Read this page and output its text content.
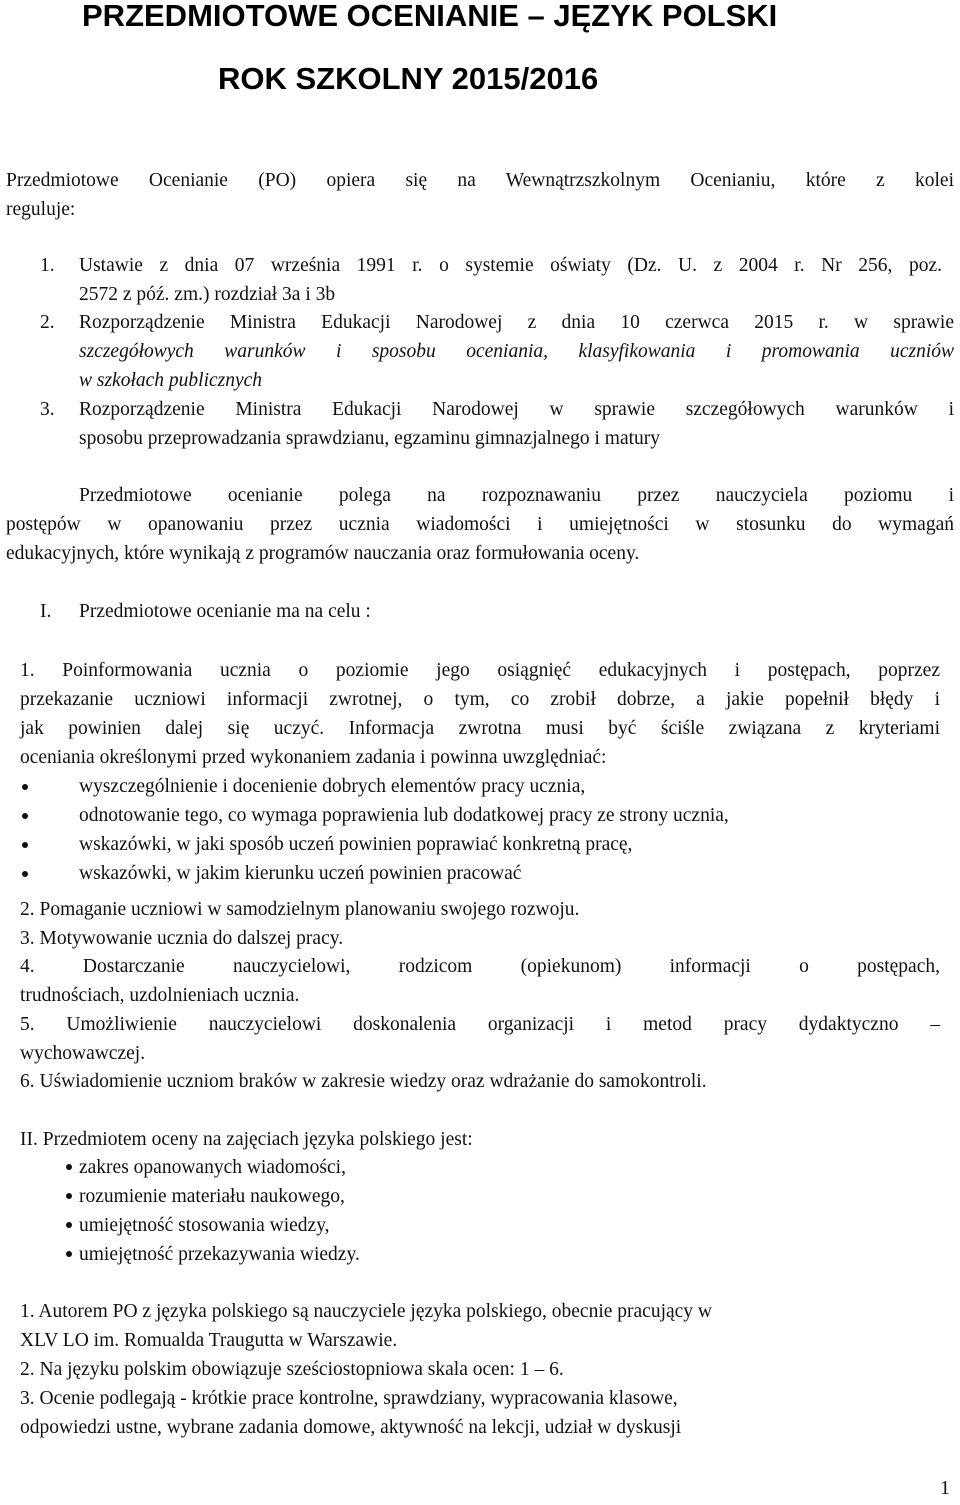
PRZEDMIOTOWE OCENIANIE – JĘZYK POLSKI
ROK SZKOLNY 2015/2016
Przedmiotowe Ocenianie (PO) opiera się na Wewnątrzszkolnym Ocenianiu, które z kolei
reguluje:
1. Ustawie z dnia 07 września 1991 r. o systemie oświaty (Dz. U. z 2004 r. Nr 256, poz.
2572 z póź. zm.) rozdział 3a i 3b
2. Rozporządzenie Ministra Edukacji Narodowej z dnia 10 czerwca 2015 r. w sprawie
szczegółowych warunków i sposobu oceniania, klasyfikowania i promowania uczniów
w szkołach publicznych
3. Rozporządzenie Ministra Edukacji Narodowej w sprawie szczegółowych warunków i
sposobu przeprowadzania sprawdzianu, egzaminu gimnazjalnego i matury
Przedmiotowe ocenianie polega na rozpoznawaniu przez nauczyciela poziomu i
postępów w opanowaniu przez ucznia wiadomości i umiejętności w stosunku do wymagań
edukacyjnych, które wynikają z programów nauczania oraz formułowania oceny.
I. Przedmiotowe ocenianie ma na celu :
1. Poinformowania ucznia o poziomie jego osiągnięć edukacyjnych i postępach, poprzez
przekazanie uczniowi informacji zwrotnej, o tym, co zrobił dobrze, a jakie popełnił błędy i
jak powinien dalej się uczyć. Informacja zwrotna musi być ściśle związana z kryteriami
oceniania określonymi przed wykonaniem zadania i powinna uwzględniać:
wyszczególnienie i docenienie dobrych elementów pracy ucznia,
odnotowanie tego, co wymaga poprawienia lub dodatkowej pracy ze strony ucznia,
wskazówki, w jaki sposób uczeń powinien poprawiać konkretną pracę,
wskazówki, w jakim kierunku uczeń powinien pracować
2. Pomaganie uczniowi w samodzielnym planowaniu swojego rozwoju.
3. Motywowanie ucznia do dalszej pracy.
4. Dostarczanie nauczycielowi, rodzicom (opiekunom) informacji o postępach,
trudnościach, uzdolnieniach ucznia.
5. Umożliwienie nauczycielowi doskonalenia organizacji i metod pracy dydaktyczno –
wychowawczej.
6. Uświadomienie uczniom braków w zakresie wiedzy oraz wdrażanie do samokontroli.
II. Przedmiotem oceny na zajęciach języka polskiego jest:
zakres opanowanych wiadomości,
rozumienie materiału naukowego,
umiejętność stosowania wiedzy,
umiejętność przekazywania wiedzy.
1. Autorem PO z języka polskiego są nauczyciele języka polskiego, obecnie pracujący w
XLV LO im. Romualda Traugutta w Warszawie.
2. Na języku polskim obowiązuje sześciostopniowa skala ocen: 1 – 6.
3. Ocenie podlegają - krótkie prace kontrolne, sprawdziany, wypracowania klasowe,
odpowiedzi ustne, wybrane zadania domowe, aktywność na lekcji, udział w dyskusji
1
